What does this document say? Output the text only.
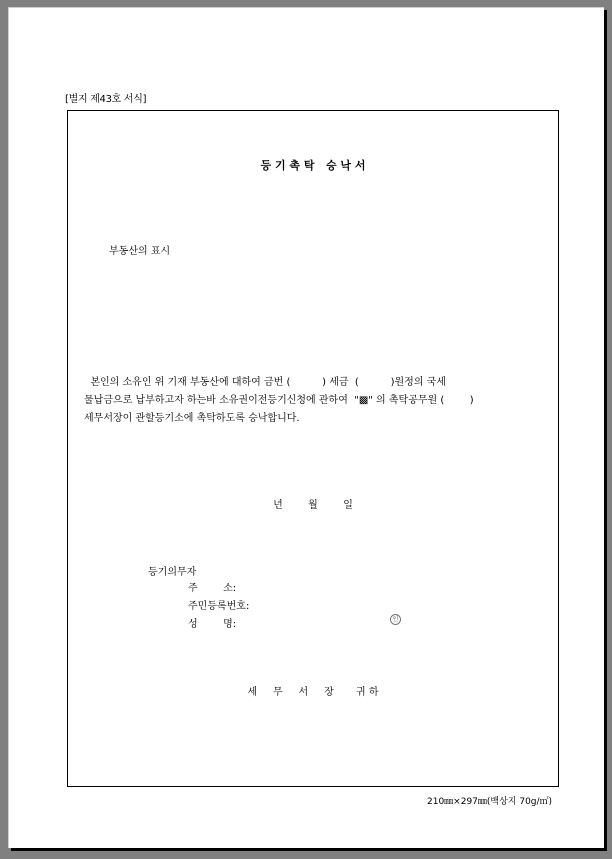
[별지 제43호 서식]
등 기 촉 탁   승 낙 서
부동산의 표시
본인의 소유인 위 기재 부동산에 대하여 금번 (          ) 세금  (          )원정의 국세
물납금으로 납부하고자 하는바 소유권이전등기신청에 관하여  "▩" 의 촉탁공무원 (        )
세무서장이 관할등기소에 촉탁하도록 승낙합니다.
년        월        일
등기의무자
주        소:
주민등록번호:
성        명:	인
세     무     서     장       귀 하
210㎜×297㎜(백상지 70g/㎡)
